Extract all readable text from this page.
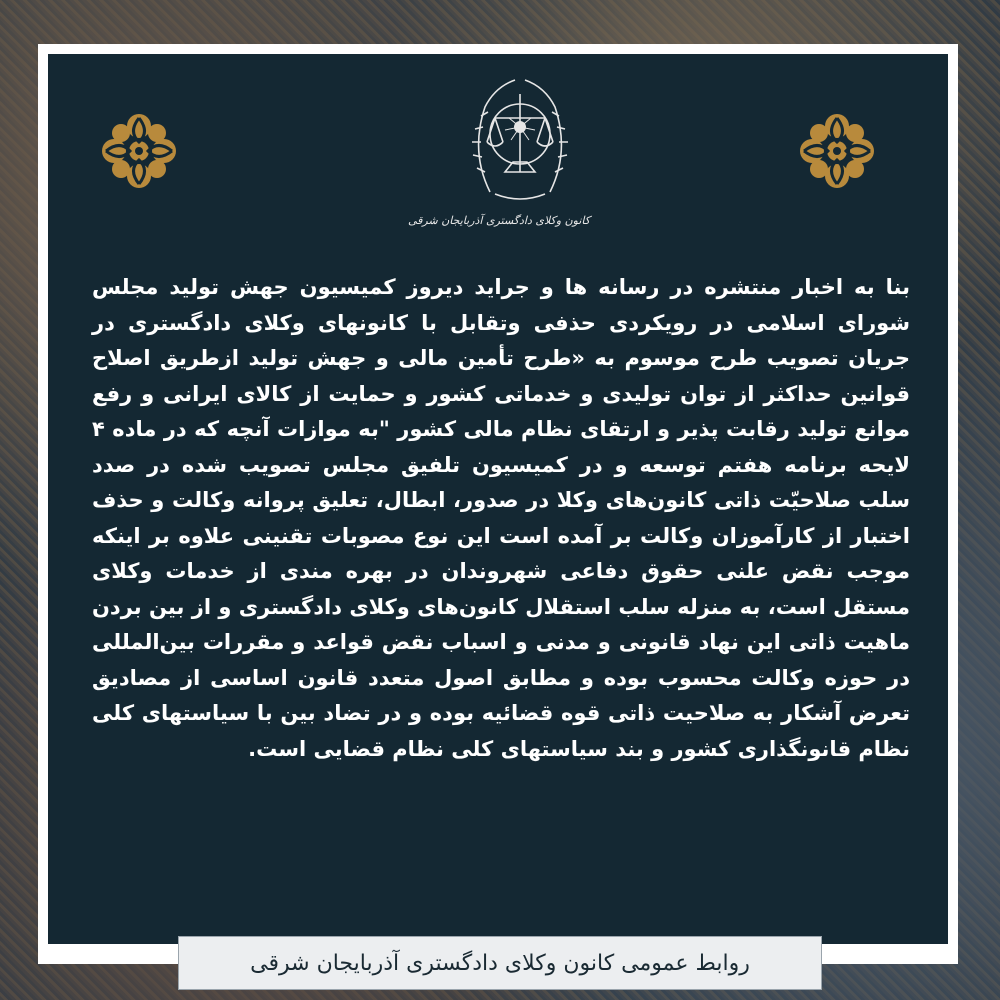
کانون وکلای دادگستری آذربایجان شرقی
بنا به اخبار منتشره در رسانه ها و جراید دیروز کمیسیون جهش تولید مجلس شورای اسلامی در رویکردی حذفی وتقابل با کانونهای وکلای دادگستری در جریان تصویب طرح موسوم به «طرح تأمین مالی و جهش تولید ازطریق اصلاح قوانین حداکثر از توان تولیدی و خدماتی کشور و حمایت از کالای ایرانی و رفع موانع تولید رقابت پذیر و ارتقای نظام مالی کشور "به موازات آنچه که در ماده ۴ لایحه برنامه هفتم توسعه و در کمیسیون تلفیق مجلس تصویب شده در صدد سلب صلاحیّت ذاتی کانون‌های وکلا در صدور، ابطال، تعلیق پروانه وکالت و حذف اختبار از کارآموزان وکالت بر آمده است این نوع مصوبات تقنینی علاوه بر اینکه موجب نقض علنی حقوق دفاعی شهروندان در بهره مندی از خدمات وکلای مستقل است، به منزله سلب استقلال کانون‌های وکلای دادگستری و از بین بردن ماهیت ذاتی این نهاد قانونی و مدنی و اسباب نقض قواعد و مقررات بین‌المللی در حوزه وکالت محسوب بوده و مطابق اصول متعدد قانون اساسی از مصادیق تعرض آشکار به صلاحیت ذاتی قوه قضائیه بوده و در تضاد بین با سیاستهای کلی نظام قانونگذاری کشور و بند سیاستهای کلی نظام قضایی است.
روابط عمومی کانون وکلای دادگستری آذربایجان شرقی
